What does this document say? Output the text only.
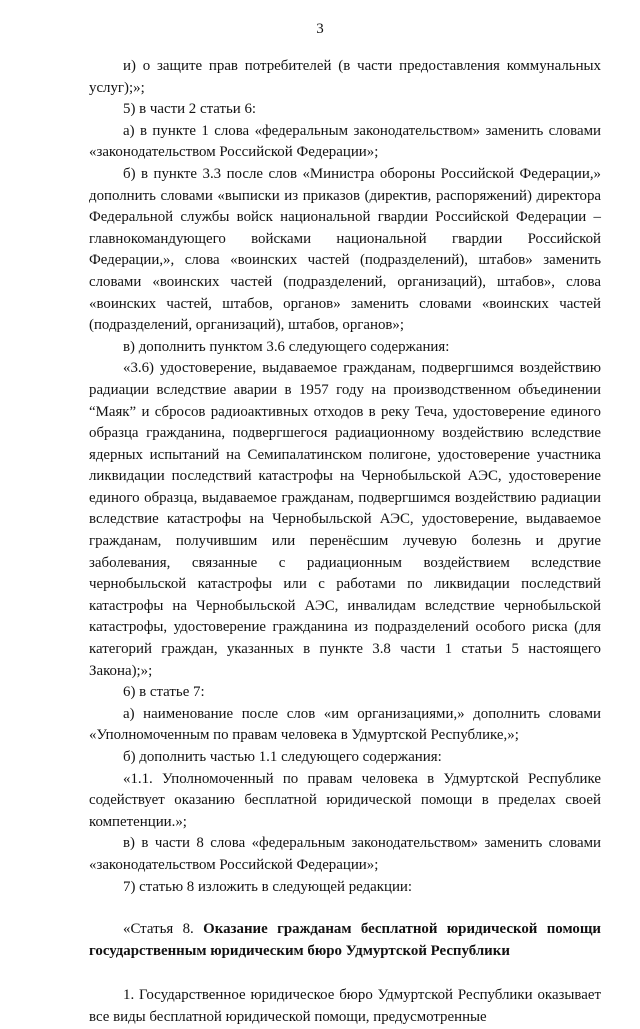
3

и) о защите прав потребителей (в части предоставления коммунальных услуг);»;

5) в части 2 статьи 6:

а) в пункте 1 слова «федеральным законодательством» заменить словами «законодательством Российской Федерации»;

б) в пункте 3.3 после слов «Министра обороны Российской Федерации,» дополнить словами «выписки из приказов (директив, распоряжений) директора Федеральной службы войск национальной гвардии Российской Федерации – главнокомандующего войсками национальной гвардии Российской Федерации,», слова «воинских частей (подразделений), штабов» заменить словами «воинских частей (подразделений, организаций), штабов», слова «воинских частей, штабов, органов» заменить словами «воинских частей (подразделений, организаций), штабов, органов»;

в) дополнить пунктом 3.6 следующего содержания:

«3.6) удостоверение, выдаваемое гражданам, подвергшимся воздействию радиации вследствие аварии в 1957 году на производственном объединении “Маяк” и сбросов радиоактивных отходов в реку Теча, удостоверение единого образца гражданина, подвергшегося радиационному воздействию вследствие ядерных испытаний на Семипалатинском полигоне, удостоверение участника ликвидации последствий катастрофы на Чернобыльской АЭС, удостоверение единого образца, выдаваемое гражданам, подвергшимся воздействию радиации вследствие катастрофы на Чернобыльской АЭС, удостоверение, выдаваемое гражданам, получившим или перенёсшим лучевую болезнь и другие заболевания, связанные с радиационным воздействием вследствие чернобыльской катастрофы или с работами по ликвидации последствий катастрофы на Чернобыльской АЭС, инвалидам вследствие чернобыльской катастрофы, удостоверение гражданина из подразделений особого риска (для категорий граждан, указанных в пункте 3.8 части 1 статьи 5 настоящего Закона);»;

6) в статье 7:

а) наименование после слов «им организациями,» дополнить словами «Уполномоченным по правам человека в Удмуртской Республике,»;

б) дополнить частью 1.1 следующего содержания:

«1.1. Уполномоченный по правам человека в Удмуртской Республике содействует оказанию бесплатной юридической помощи в пределах своей компетенции.»;

в) в части 8 слова «федеральным законодательством» заменить словами «законодательством Российской Федерации»;

7) статью 8 изложить в следующей редакции:

«Статья 8. Оказание гражданам бесплатной юридической помощи государственным юридическим бюро Удмуртской Республики

1. Государственное юридическое бюро Удмуртской Республики оказывает все виды бесплатной юридической помощи, предусмотренные
